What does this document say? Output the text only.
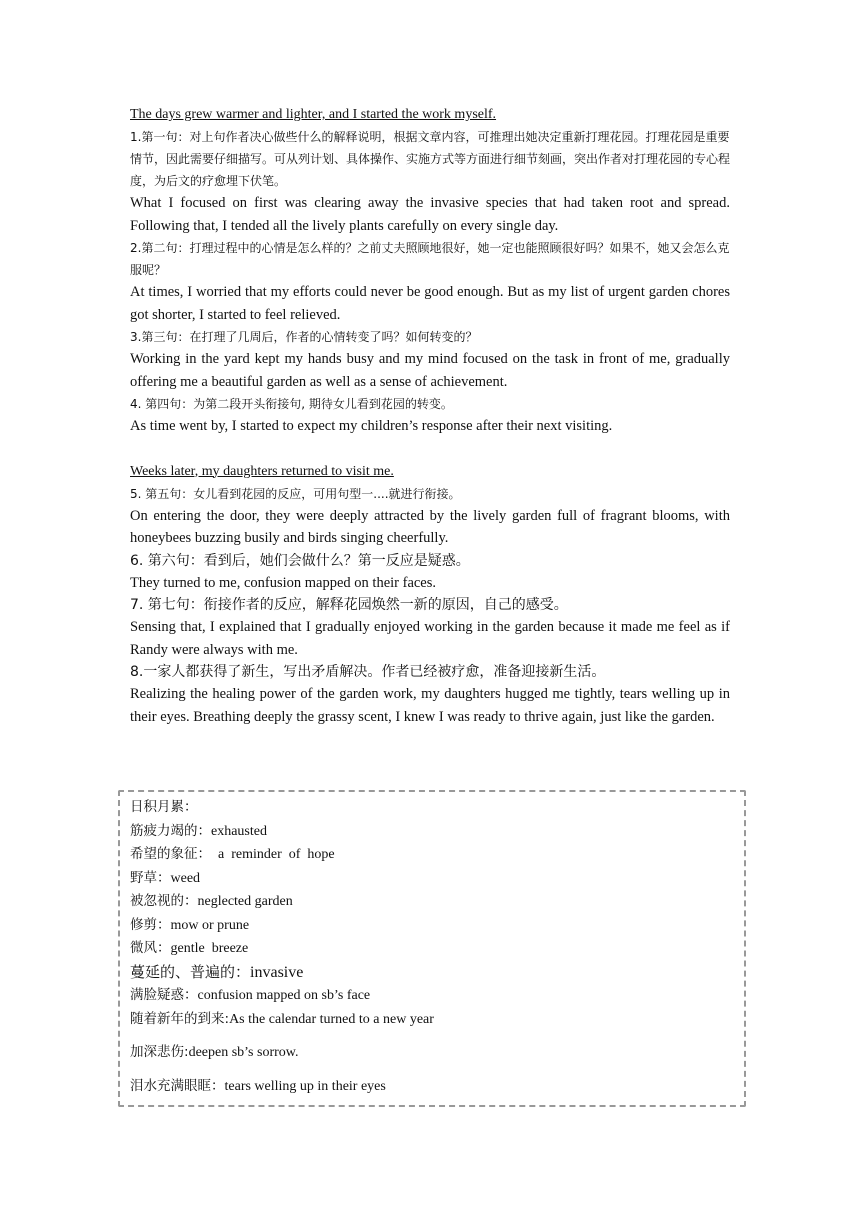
The days grew warmer and lighter, and I started the work myself.

1.第一句：对上句作者决心做些什么的解释说明，根据文章内容，可推理出她决定重新打理花园。打理花园是重要情节，因此需要仔细描写。可从列计划、具体操作、实施方式等方面进行细节刻画，突出作者对打理花园的专心程度，为后文的疗愈埋下伏笔。

What I focused on first was clearing away the invasive species that had taken root and spread. Following that, I tended all the lively plants carefully on every single day.

2.第二句：打理过程中的心情是怎么样的？之前丈夫照顾地很好，她一定也能照顾很好吗？如果不，她又会怎么克服呢？

At times, I worried that my efforts could never be good enough. But as my list of urgent garden chores got shorter, I started to feel relieved.

3.第三句：在打理了几周后，作者的心情转变了吗？如何转变的？

Working in the yard kept my hands busy and my mind focused on the task in front of me, gradually offering me a beautiful garden as well as a sense of achievement.

4. 第四句：为第二段开头衔接句, 期待女儿看到花园的转变。

As time went by, I started to expect my children’s response after their next visiting.

Weeks later, my daughters returned to visit me.

5. 第五句：女儿看到花园的反应，可用句型一....就进行衔接。

On entering the door, they were deeply attracted by the lively garden full of fragrant blooms, with honeybees buzzing busily and birds singing cheerfully.

6. 第六句：看到后，她们会做什么？第一反应是疑惑。

They turned to me, confusion mapped on their faces.

7. 第七句：衔接作者的反应，解释花园焕然一新的原因，自己的感受。

Sensing that, I explained that I gradually enjoyed working in the garden because it made me feel as if Randy were always with me.

8.一家人都获得了新生，写出矛盾解决。作者已经被疗愈，准备迎接新生活。

Realizing the healing power of the garden work, my daughters hugged me tightly, tears welling up in their eyes. Breathing deeply the grassy scent, I knew I was ready to thrive again, just like the garden.

日积月累：

筋疲力竭的：exhausted

希望的象征：  a  reminder  of  hope

野草：weed

被忽视的：neglected garden

修剪：mow or prune

微风：gentle  breeze

蔓延的、普遍的：invasive

满脸疑惑：confusion mapped on sb’s face

随着新年的到来:As the calendar turned to a new year

加深悲伤:deepen sb’s sorrow.

泪水充满眼眶：tears welling up in their eyes
